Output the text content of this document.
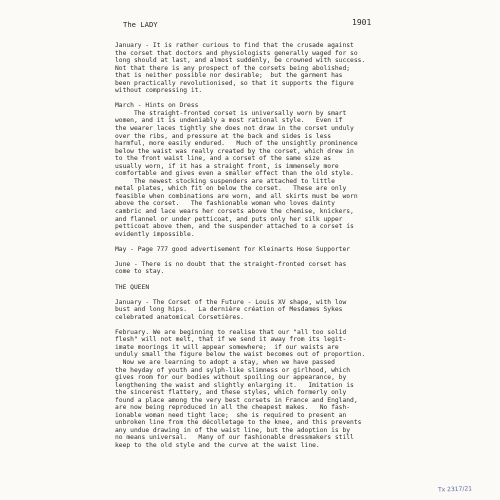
The LADY	1901
January - It is rather curious to find that the crusade against
the corset that doctors and physiologists generally waged for so
long should at last, and almost suddenly, be crowned with success.
Not that there is any prospect of the corsets being abolished;
that is neither possible nor desirable;  but the garment has
been practically revolutionised, so that it supports the figure
without compressing it.
March - Hints on Dress
The straight-fronted corset is universally worn by smart
women, and it is undeniably a most rational style.   Even if
the wearer laces tightly she does not draw in the corset unduly
over the ribs, and pressure at the back and sides is less
harmful, more easily endured.   Much of the unsightly prominence
below the waist was really created by the corset, which drew in
to the front waist line, and a corset of the same size as
usually worn, if it has a straight front, is immensely more
comfortable and gives even a smaller effect than the old style.
The newest stocking suspenders are attached to little
metal plates, which fit on below the corset.   These are only
feasible when combinations are worn, and all skirts must be worn
above the corset.   The fashionable woman who loves dainty
cambric and lace wears her corsets above the chemise, knickers,
and flannel or under petticoat, and puts only her silk upper
petticoat above them, and the suspender attached to a corset is
evidently impossible.
May - Page 777 good advertisement for Kleinarts Hose Supporter
June - There is no doubt that the straight-fronted corset has
come to stay.
THE QUEEN
January - The Corset of the Future - Louis XV shape, with low
bust and long hips.   La dernière création of Mesdames Sykes
celebrated anatomical Corsetières.
February. We are beginning to realise that our "all too solid
flesh" will not melt, that if we send it away from its legit-
imate moorings it will appear somewhere;  if our waists are
unduly small the figure below the waist becomes out of proportion.
Now we are learning to adopt a stay, when we have passed
the heyday of youth and sylph-like slimness or girlhood, which
gives room for our bodies without spoiling our appearance, by
lengthening the waist and slightly enlarging it.   Imitation is
the sincerest flattery, and these styles, which formerly only
found a place among the very best corsets in France and England,
are now being reproduced in all the cheapest makes.   No fash-
ionable woman need tight lace;  she is required to present an
unbroken line from the décolletage to the knee, and this prevents
any undue drawing in of the waist line, but the adoption is by
no means universal.   Many of our fashionable dressmakers still
keep to the old style and the curve at the waist line.
Tx 2317/21
